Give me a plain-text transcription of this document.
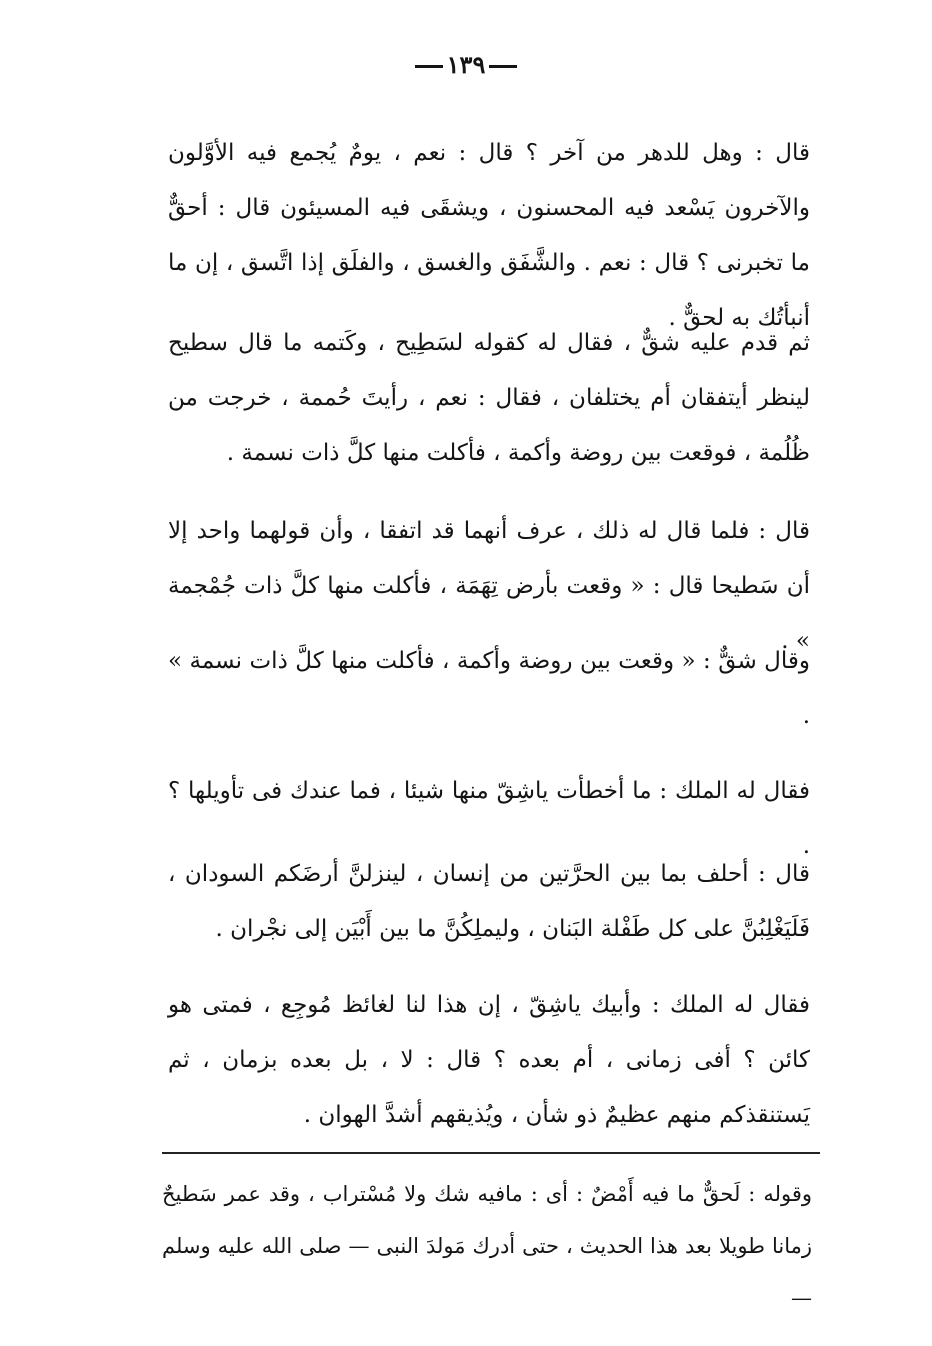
١٣٩
قال : وهل للدهر من آخر ؟ قال : نعم ، يومٌ يُجمع فيه الأوَّلون والآخرون يَسْعد فيه المحسنون ، ويشقَى فيه المسيئون قال : أحقٌّ ما تخبرنى ؟ قال : نعم . والشَّفَق والغسق ، والفلَق إذا اتَّسق ، إن ما أنبأتُك به لحقٌّ .
ثم قدم عليه شقٌّ ، فقال له كقوله لسَطِيح ، وكَتمه ما قال سطيح لينظر أيتفقان أم يختلفان ، فقال : نعم ، رأيتَ حُممة ، خرجت من ظُلُمة ، فوقعت بين روضة وأكمة ، فأكلت منها كلَّ ذات نسمة .
قال : فلما قال له ذلك ، عرف أنهما قد اتفقا ، وأن قولهما واحد إلا أن سَطيحا قال : « وقعت بأرض تِهَمَة ، فأكلت منها كلَّ ذات جُمْجمة » .
وقال شقٌّ : « وقعت بين روضة وأكمة ، فأكلت منها كلَّ ذات نسمة » .
فقال له الملك : ما أخطأت ياشِقّ منها شيئا ، فما عندك فى تأويلها ؟ .
قال : أحلف بما بين الحرَّتين من إنسان ، لينزلنَّ أرضَكم السودان ، فَلَيَغْلِبُنَّ على كل طَفْلة البَنان ، وليملِكُنَّ ما بين أَبْيَن إلى نجْران .
فقال له الملك : وأبيك ياشِقّ ، إن هذا لنا لغائظ مُوجِع ، فمتى هو كائن ؟ أفى زمانى ، أم بعده ؟ قال : لا ، بل بعده بزمان ، ثم يَستنقذكم منهم عظيمٌ ذو شأن ، ويُذيقهم أشدَّ الهوان .
وقوله : لَحقٌّ ما فيه أَمْضٌ : أى : مافيه شك ولا مُسْتراب ، وقد عمر سَطيحٌ زمانا طويلا بعد هذا الحديث ، حتى أدرك مَولدَ النبى — صلى الله عليه وسلم —
